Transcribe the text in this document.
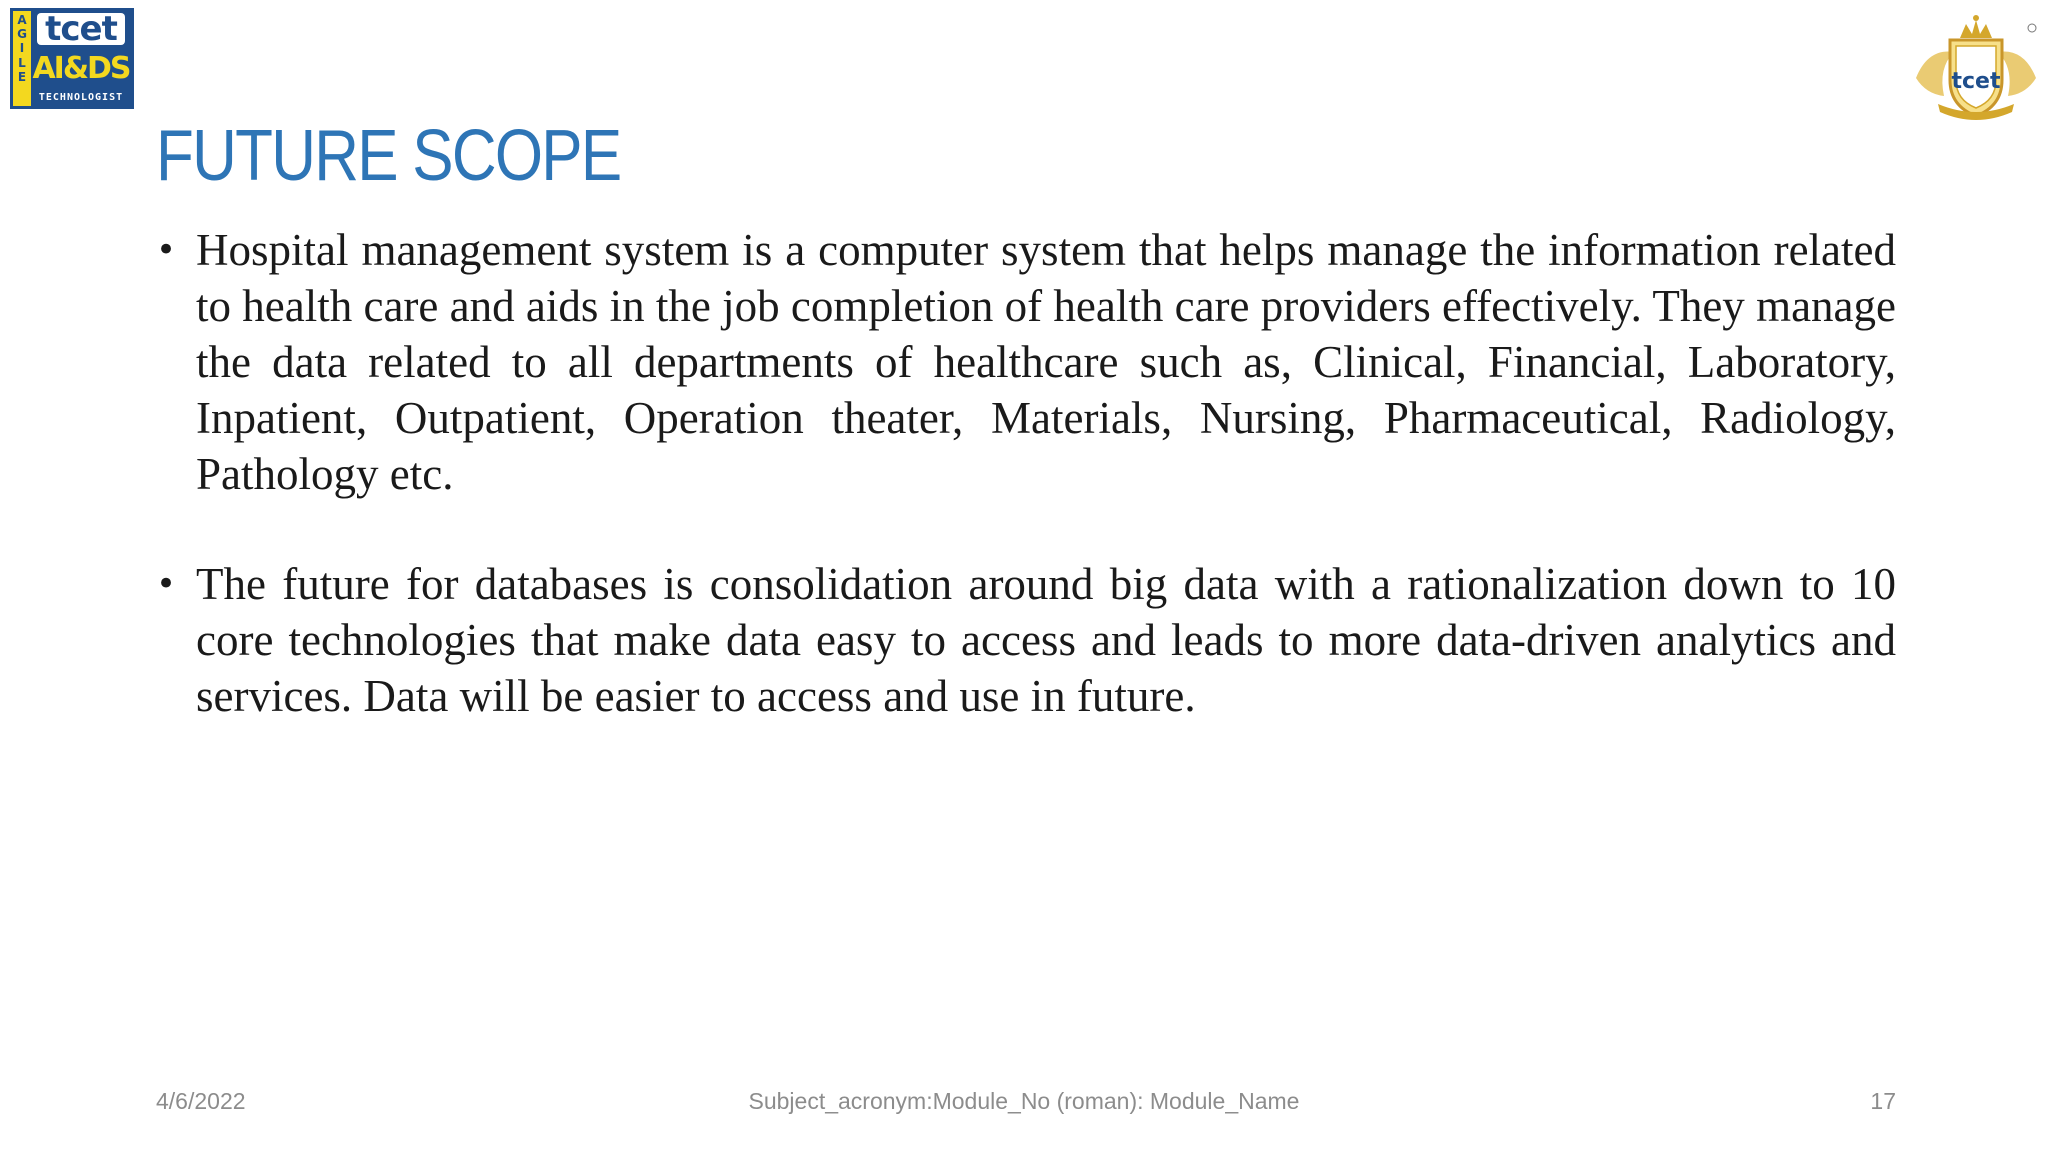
A
G
I
L
E
tcet
AI&DS
TECHNOLOGIST
tcet
FUTURE SCOPE
• Hospital management system is a computer system that helps manage the information related to health care and aids in the job completion of health care providers effectively. They manage the data related to all departments of healthcare such as, Clinical, Financial, Laboratory, Inpatient, Outpatient, Operation theater, Materials, Nursing, Pharmaceutical, Radiology, Pathology etc.
• The future for databases is consolidation around big data with a rationalization down to 10 core technologies that make data easy to access and leads to more data-driven analytics and services. Data will be easier to access and use in future.
4/6/2022	Subject_acronym:Module_No (roman): Module_Name	17
